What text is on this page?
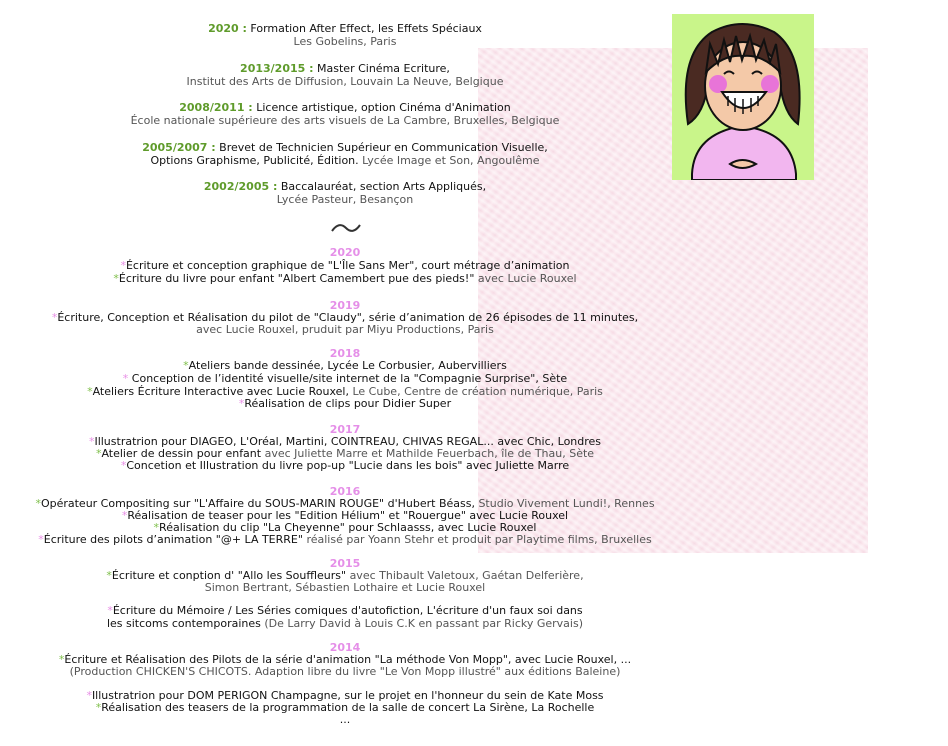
2020 : Formation After Effect, les Effets Spéciaux
Les Gobelins, Paris
2013/2015 : Master Cinéma Ecriture,
Institut des Arts de Diffusion, Louvain La Neuve, Belgique
2008/2011 : Licence artistique, option Cinéma d'Animation
École nationale supérieure des arts visuels de La Cambre, Bruxelles, Belgique
2005/2007 : Brevet de Technicien Supérieur en Communication Visuelle,
Options Graphisme, Publicité, Édition. Lycée Image et Son, Angoulême
2002/2005 : Baccalauréat, section Arts Appliqués,
Lycée Pasteur, Besançon
2020
*Écriture et conception graphique de "L'Île Sans Mer", court métrage d’animation
*Écriture du livre pour enfant "Albert Camembert pue des pieds!" avec Lucie Rouxel
2019
*Écriture, Conception et Réalisation du pilot de "Claudy", série d’animation de 26 épisodes de 11 minutes,
avec Lucie Rouxel, pruduit par Miyu Productions, Paris
2018
*Ateliers bande dessinée, Lycée Le Corbusier, Aubervilliers
* Conception de l’identité visuelle/site internet de la "Compagnie Surprise", Sète
*Ateliers Écriture Interactive avec Lucie Rouxel, Le Cube, Centre de création numérique, Paris
*Réalisation de clips pour Didier Super
2017
*Illustratrion pour DIAGEO, L'Oréal, Martini, COINTREAU, CHIVAS REGAL... avec Chic, Londres
*Atelier de dessin pour enfant avec Juliette Marre et Mathilde Feuerbach, île de Thau, Sète
*Concetion et Illustration du livre pop-up "Lucie dans les bois" avec Juliette Marre
2016
*Opérateur Compositing sur "L'Affaire du SOUS-MARIN ROUGE" d'Hubert Béass, Studio Vivement Lundi!, Rennes
*Réalisation de teaser pour les "Edition Hélium" et "Rouergue" avec Lucie Rouxel
*Réalisation du clip "La Cheyenne" pour Schlaasss, avec Lucie Rouxel
*Écriture des pilots d’animation "@+ LA TERRE" réalisé par Yoann Stehr et produit par Playtime films, Bruxelles
2015
*Écriture et conption d' "Allo les Souffleurs" avec Thibault Valetoux, Gaétan Delferière,
Simon Bertrant, Sébastien Lothaire et Lucie Rouxel
*Écriture du Mémoire / Les Séries comiques d'autofiction, L'écriture d'un faux soi dans
les sitcoms contemporaines (De Larry David à Louis C.K en passant par Ricky Gervais)
2014
*Écriture et Réalisation des Pilots de la série d'animation "La méthode Von Mopp", avec Lucie Rouxel, ...
(Production CHICKEN'S CHICOTS. Adaption libre du livre "Le Von Mopp illustré" aux éditions Baleine)
*Illustratrion pour DOM PERIGON Champagne, sur le projet en l'honneur du sein de Kate Moss
*Réalisation des teasers de la programmation de la salle de concert La Sirène, La Rochelle
...
